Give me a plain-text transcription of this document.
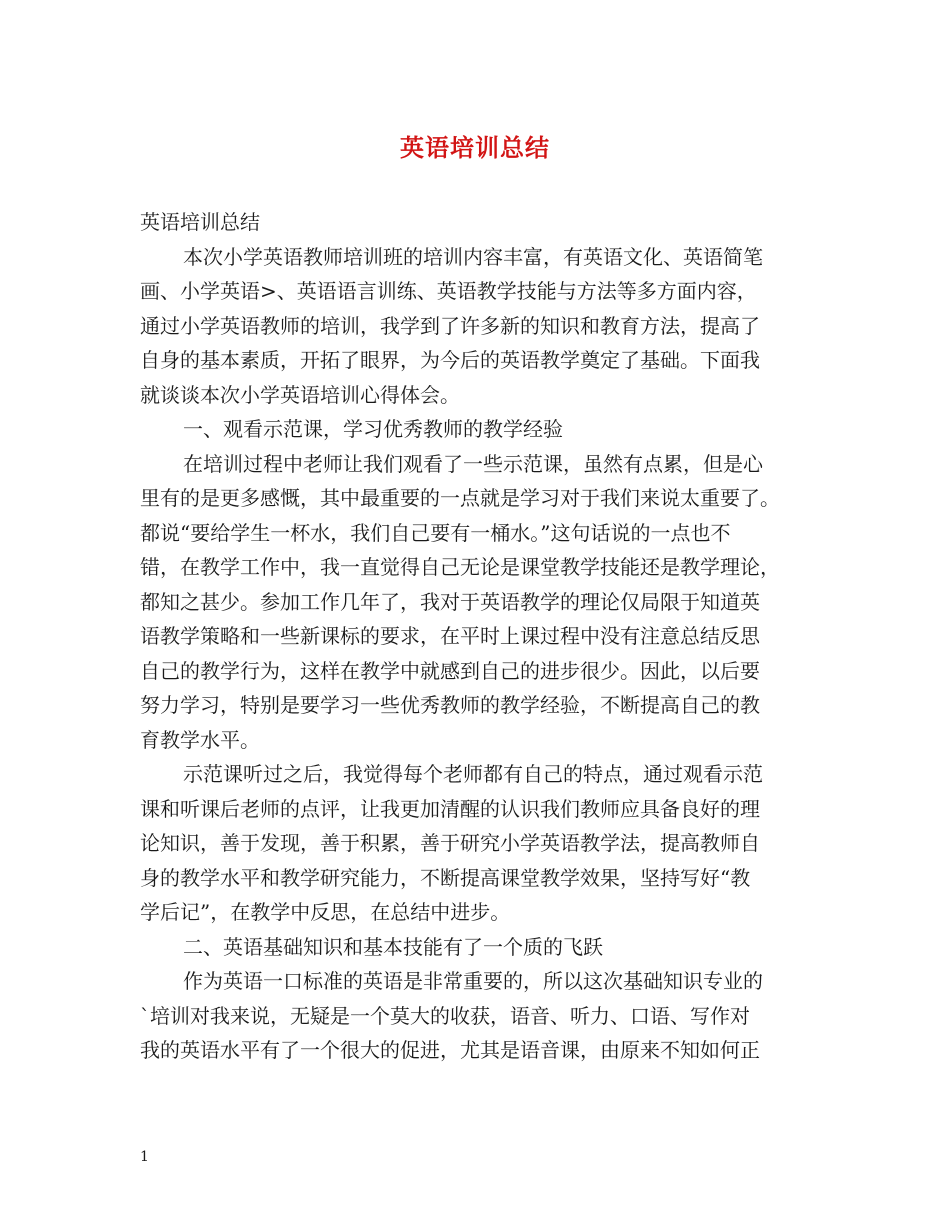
英语培训总结
英语培训总结
本次小学英语教师培训班的培训内容丰富，有英语文化、英语简笔
画、小学英语>、英语语言训练、英语教学技能与方法等多方面内容，
通过小学英语教师的培训，我学到了许多新的知识和教育方法，提高了
自身的基本素质，开拓了眼界，为今后的英语教学奠定了基础。下面我
就谈谈本次小学英语培训心得体会。
一、观看示范课，学习优秀教师的教学经验
在培训过程中老师让我们观看了一些示范课，虽然有点累，但是心
里有的是更多感慨，其中最重要的一点就是学习对于我们来说太重要了。
都说“要给学生一杯水，我们自己要有一桶水。”这句话说的一点也不
错，在教学工作中，我一直觉得自己无论是课堂教学技能还是教学理论，
都知之甚少。参加工作几年了，我对于英语教学的理论仅局限于知道英
语教学策略和一些新课标的要求，在平时上课过程中没有注意总结反思
自己的教学行为，这样在教学中就感到自己的进步很少。因此，以后要
努力学习，特别是要学习一些优秀教师的教学经验，不断提高自己的教
育教学水平。
示范课听过之后，我觉得每个老师都有自己的特点，通过观看示范
课和听课后老师的点评，让我更加清醒的认识我们教师应具备良好的理
论知识，善于发现，善于积累，善于研究小学英语教学法，提高教师自
身的教学水平和教学研究能力，不断提高课堂教学效果，坚持写好“教
学后记”，在教学中反思，在总结中进步。
二、英语基础知识和基本技能有了一个质的飞跃
作为英语一口标准的英语是非常重要的，所以这次基础知识专业的
`培训对我来说，无疑是一个莫大的收获，语音、听力、口语、写作对
我的英语水平有了一个很大的促进，尤其是语音课，由原来不知如何正
1
